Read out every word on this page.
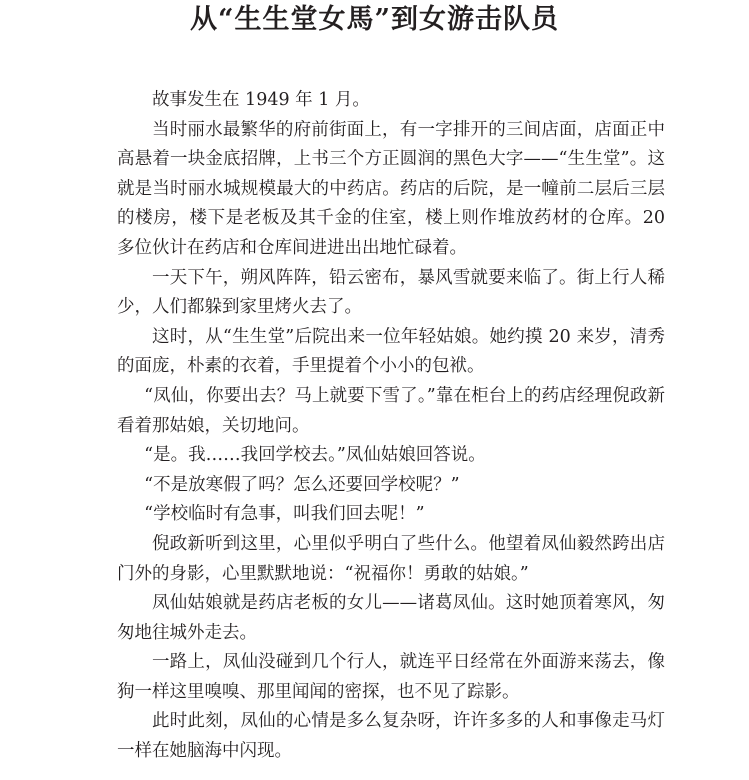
从“生生堂女馬”到女游击队员

故事发生在 1949 年 1 月。

当时丽水最繁华的府前街面上，有一字排开的三间店面，店面正中高悬着一块金底招牌，上书三个方正圆润的黑色大字——“生生堂”。这就是当时丽水城规模最大的中药店。药店的后院，是一幢前二层后三层的楼房，楼下是老板及其千金的住室，楼上则作堆放药材的仓库。20 多位伙计在药店和仓库间进进出出地忙碌着。

一天下午，朔风阵阵，铅云密布，暴风雪就要来临了。街上行人稀少，人们都躲到家里烤火去了。

这时，从“生生堂”后院出来一位年轻姑娘。她约摸 20 来岁，清秀的面庞，朴素的衣着，手里提着个小小的包袱。

“凤仙，你要出去？马上就要下雪了。”靠在柜台上的药店经理倪政新看着那姑娘，关切地问。

“是。我……我回学校去。”凤仙姑娘回答说。

“不是放寒假了吗？怎么还要回学校呢？”

“学校临时有急事，叫我们回去呢！”

倪政新听到这里，心里似乎明白了些什么。他望着凤仙毅然跨出店门外的身影，心里默默地说：“祝福你！勇敢的姑娘。”

凤仙姑娘就是药店老板的女儿——诸葛凤仙。这时她顶着寒风，匆匆地往城外走去。

一路上，凤仙没碰到几个行人，就连平日经常在外面游来荡去，像狗一样这里嗅嗅、那里闻闻的密探，也不见了踪影。

此时此刻，凤仙的心情是多么复杂呀，许许多多的人和事像走马灯一样在她脑海中闪现。
